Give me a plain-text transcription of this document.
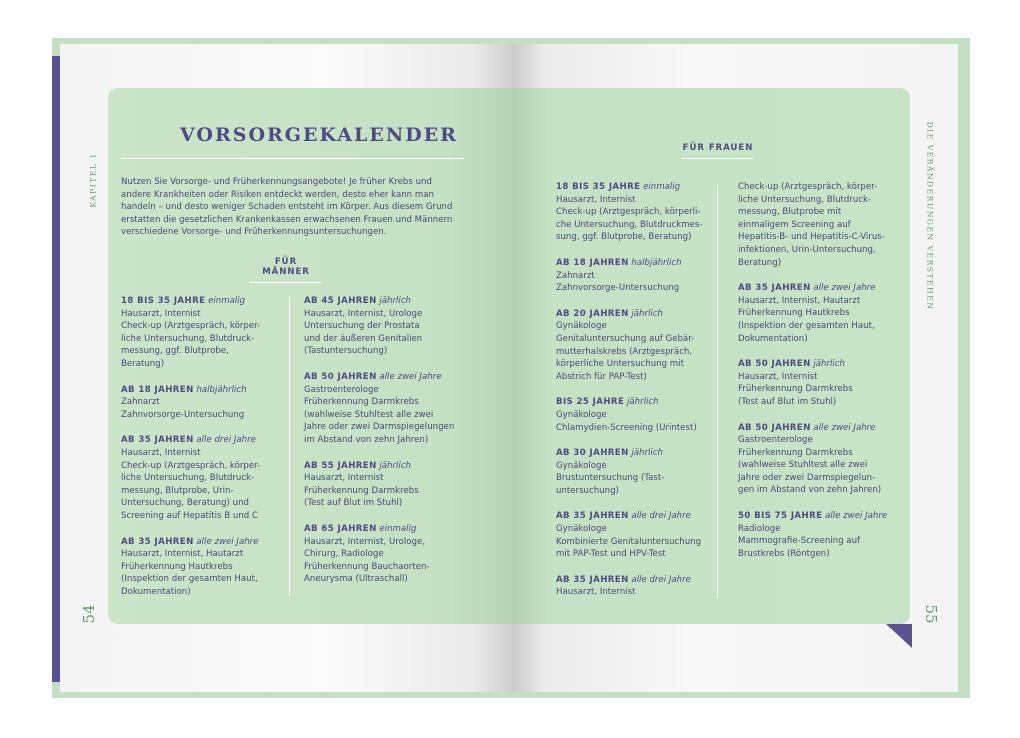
KAPITEL 1	DIE VERÄNDERUNGEN VERSTEHEN

54	55

VORSORGEKALENDER

Nutzen Sie Vorsorge- und Früherkennungsangebote! Je früher Krebs und andere Krankheiten oder Risiken entdeckt werden, desto eher kann man handeln – und desto weniger Schaden entsteht im Körper. Aus diesem Grund erstatten die gesetzlichen Krankenkassen erwachsenen Frauen und Männern verschiedene Vorsorge- und Früherkennungsuntersuchungen.

FÜR MÄNNER

FÜR FRAUEN

18 BIS 35 JAHRE einmalig
Hausarzt, Internist
Check-up (Arztgespräch, körper-
liche Untersuchung, Blutdruck-
messung, ggf. Blutprobe,
Beratung)
AB 18 JAHREN halbjährlich
Zahnarzt
Zahnvorsorge-Untersuchung
AB 35 JAHREN alle drei Jahre
Hausarzt, Internist
Check-up (Arztgespräch, körper-
liche Untersuchung, Blutdruck-
messung, Blutprobe, Urin-
Untersuchung, Beratung) und
Screening auf Hepatitis B und C
AB 35 JAHREN alle zwei Jahre
Hausarzt, Internist, Hautarzt
Früherkennung Hautkrebs
(Inspektion der gesamten Haut,
Dokumentation)
AB 45 JAHREN jährlich
Hausarzt, Internist, Urologe
Untersuchung der Prostata
und der äußeren Genitalien
(Tastuntersuchung)
AB 50 JAHREN alle zwei Jahre
Gastroenterologe
Früherkennung Darmkrebs
(wahlweise Stuhltest alle zwei
Jahre oder zwei Darmspiegelungen
im Abstand von zehn Jahren)
AB 55 JAHREN jährlich
Hausarzt, Internist
Früherkennung Darmkrebs
(Test auf Blut im Stuhl)
AB 65 JAHREN einmalig
Hausarzt, Internist, Urologe,
Chirurg, Radiologe
Früherkennung Bauchaorten-
Aneurysma (Ultraschall)
18 BIS 35 JAHRE einmalig
Hausarzt, Internist
Check-up (Arztgespräch, körperli-
che Untersuchung, Blutdruckmes-
sung, ggf. Blutprobe, Beratung)
AB 18 JAHREN halbjährlich
Zahnarzt
Zahnvorsorge-Untersuchung
AB 20 JAHREN jährlich
Gynäkologe
Genitaluntersuchung auf Gebär-
mutterhalskrebs (Arztgespräch,
körperliche Untersuchung mit
Abstrich für PAP-Test)
BIS 25 JAHRE jährlich
Gynäkologe
Chlamydien-Screening (Urintest)
AB 30 JAHREN jährlich
Gynäkologe
Brustuntersuchung (Tast-
untersuchung)
AB 35 JAHREN alle drei Jahre
Gynäkologe
Kombinierte Genitaluntersuchung
mit PAP-Test und HPV-Test
AB 35 JAHREN alle drei Jahre
Hausarzt, Internist
Check-up (Arztgespräch, körper-
liche Untersuchung, Blutdruck-
messung, Blutprobe mit
einmaligem Screening auf
Hepatitis-B- und Hepatitis-C-Virus-
infektionen, Urin-Untersuchung,
Beratung)
AB 35 JAHREN alle zwei Jahre
Hausarzt, Internist, Hautarzt
Früherkennung Hautkrebs
(Inspektion der gesamten Haut,
Dokumentation)
AB 50 JAHREN jährlich
Hausarzt, Internist
Früherkennung Darmkrebs
(Test auf Blut im Stuhl)
AB 50 JAHREN alle zwei Jahre
Gastroenterologe
Früherkennung Darmkrebs
(wahlweise Stuhltest alle zwei
Jahre oder zwei Darmspiegelun-
gen im Abstand von zehn Jahren)
50 BIS 75 JAHRE alle zwei Jahre
Radiologe
Mammografie-Screening auf
Brustkrebs (Röntgen)
